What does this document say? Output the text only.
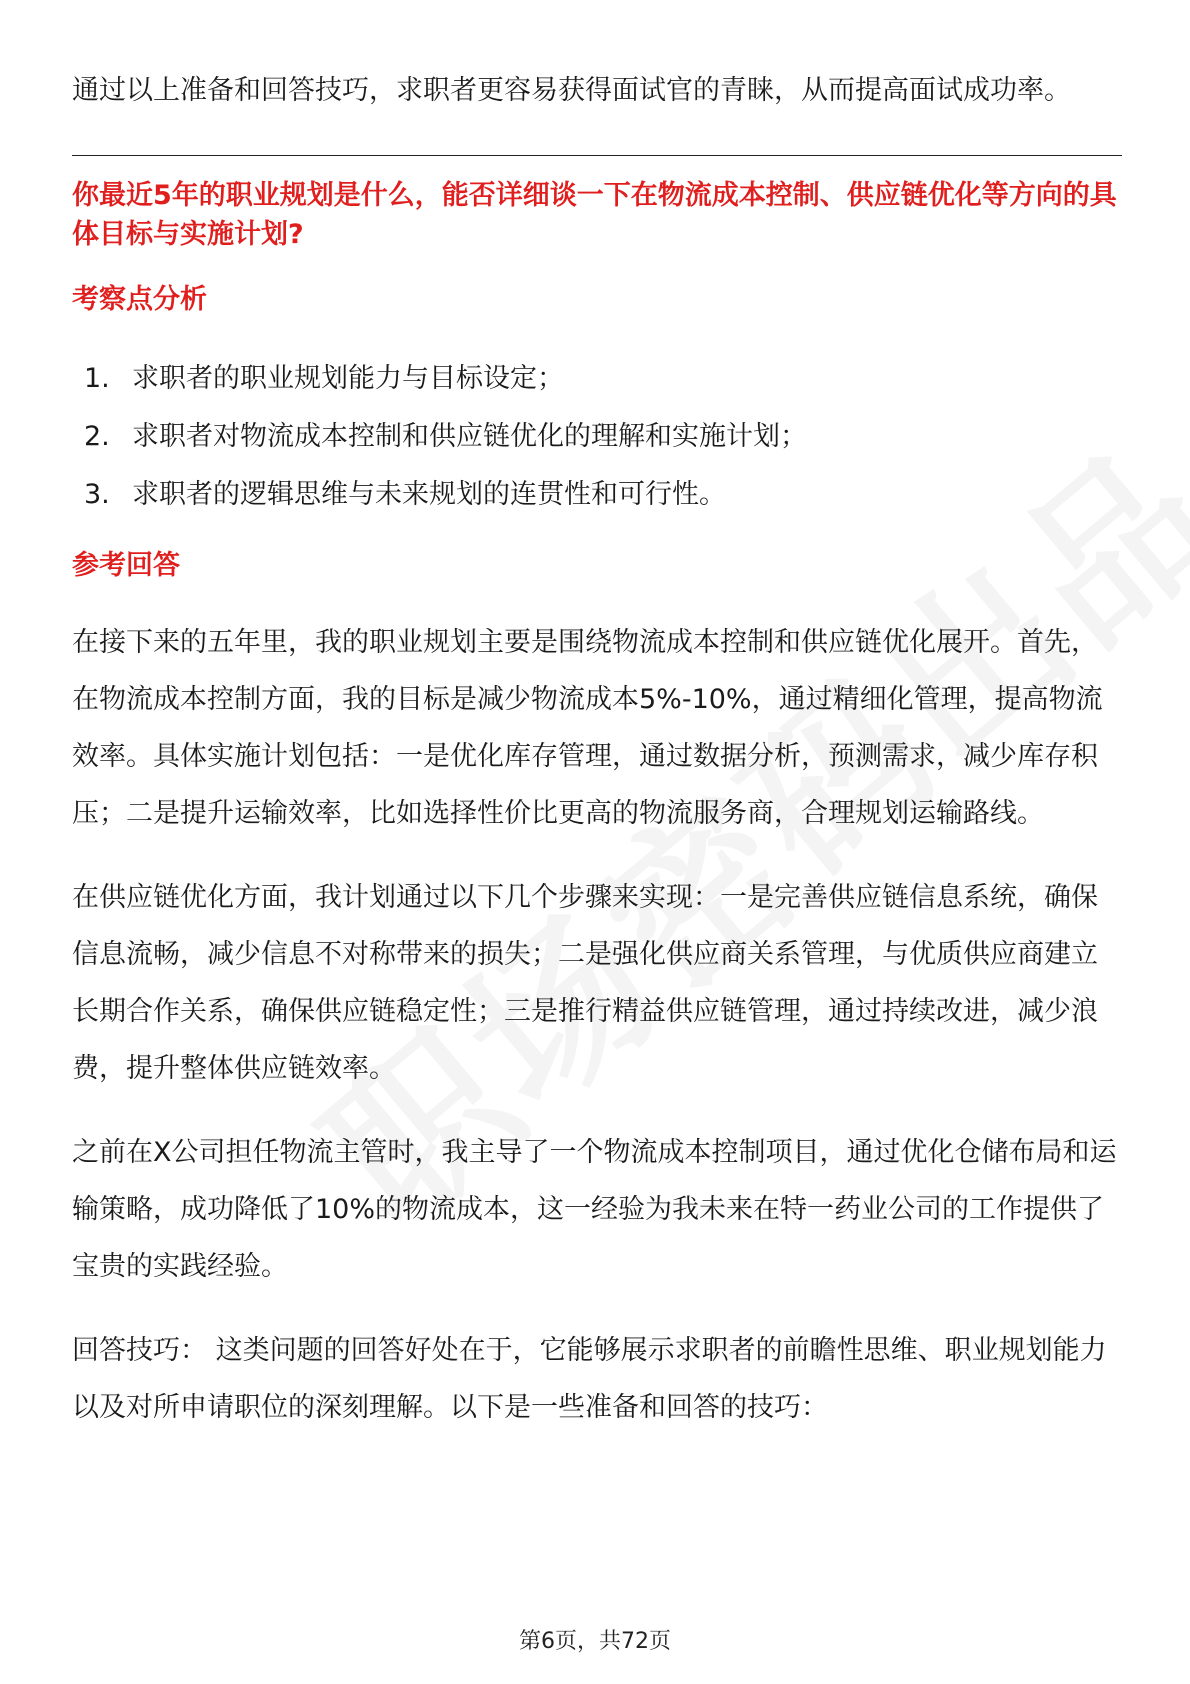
通过以上准备和回答技巧，求职者更容易获得面试官的青睐，从而提高面试成功率。

你最近5年的职业规划是什么，能否详细谈一下在物流成本控制、供应链优化等方向的具体目标与实施计划?

考察点分析
1. 求职者的职业规划能力与目标设定；
2. 求职者对物流成本控制和供应链优化的理解和实施计划；
3. 求职者的逻辑思维与未来规划的连贯性和可行性。
参考回答

在接下来的五年里，我的职业规划主要是围绕物流成本控制和供应链优化展开。首先，在物流成本控制方面，我的目标是减少物流成本5%-10%，通过精细化管理，提高物流效率。具体实施计划包括：一是优化库存管理，通过数据分析，预测需求，减少库存积压；二是提升运输效率，比如选择性价比更高的物流服务商，合理规划运输路线。

在供应链优化方面，我计划通过以下几个步骤来实现：一是完善供应链信息系统，确保信息流畅，减少信息不对称带来的损失；二是强化供应商关系管理，与优质供应商建立长期合作关系，确保供应链稳定性；三是推行精益供应链管理，通过持续改进，减少浪费，提升整体供应链效率。

之前在X公司担任物流主管时，我主导了一个物流成本控制项目，通过优化仓储布局和运输策略，成功降低了10%的物流成本，这一经验为我未来在特一药业公司的工作提供了宝贵的实践经验。

回答技巧： 这类问题的回答好处在于，它能够展示求职者的前瞻性思维、职业规划能力以及对所申请职位的深刻理解。以下是一些准备和回答的技巧：

第6页，共72页
